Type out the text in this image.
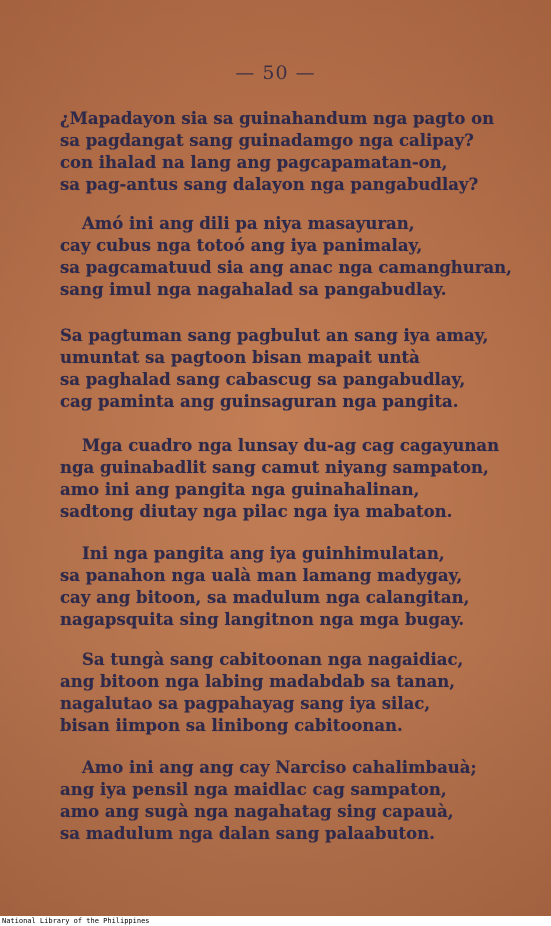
— 50 —
¿Mapadayon sia sa guinahandum nga pagto on
sa pagdangat sang guinadamgo nga calipay?
con ihalad na lang ang pagcapamatan-on,
sa pag-antus sang dalayon nga pangabudlay?
Amó ini ang dili pa niya masayuran,
cay cubus nga totoó ang iya panimalay,
sa pagcamatuud sia ang anac nga camanghuran,
sang imul nga nagahalad sa pangabudlay.
Sa pagtuman sang pagbulut an sang iya amay,
umuntat sa pagtoon bisan mapait untà
sa paghalad sang cabascug sa pangabudlay,
cag paminta ang guinsaguran nga pangita.
Mga cuadro nga lunsay du-ag cag cagayunan
nga guinabadlit sang camut niyang sampaton,
amo ini ang pangita nga guinahalinan,
sadtong diutay nga pilac nga iya mabaton.
Ini nga pangita ang iya guinhimulatan,
sa panahon nga ualà man lamang madygay,
cay ang bitoon, sa madulum nga calangitan,
nagapsquita sing langitnon nga mga bugay.
Sa tungà sang cabitoonan nga nagaidiac,
ang bitoon nga labing madabdab sa tanan,
nagalutao sa pagpahayag sang iya silac,
bisan iimpon sa linibong cabitoonan.
Amo ini ang ang cay Narciso cahalimbauà;
ang iya pensil nga maidlac cag sampaton,
amo ang sugà nga nagahatag sing capauà,
sa madulum nga dalan sang palaabuton.
National Library of the Philippines
